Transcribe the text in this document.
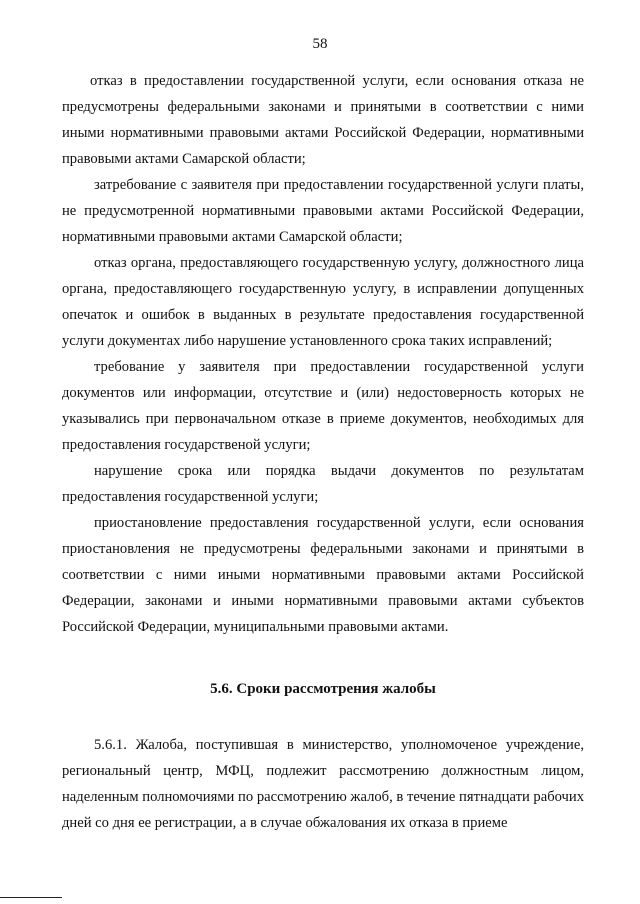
58

отказ в предоставлении государственной услуги, если основания отказа не предусмотрены федеральными законами и принятыми в соответствии с ними иными нормативными правовыми актами Российской Федерации, нормативными правовыми актами Самарской области;

затребование с заявителя при предоставлении государственной услуги платы, не предусмотренной нормативными правовыми актами Российской Федерации, нормативными правовыми актами Самарской области;

отказ органа, предоставляющего государственную услугу, должностного лица органа, предоставляющего государственную услугу, в исправлении допущенных опечаток и ошибок в выданных в результате предоставления государственной услуги документах либо нарушение установленного срока таких исправлений;

требование у заявителя при предоставлении государственной услуги документов или информации, отсутствие и (или) недостоверность которых не указывались при первоначальном отказе в приеме документов, необходимых для предоставления государственой услуги;

нарушение срока или порядка выдачи документов по результатам предоставления государственной услуги;

приостановление предоставления государственной услуги, если основания приостановления не предусмотрены федеральными законами и принятыми в соответствии с ними иными нормативными правовыми актами Российской Федерации, законами и иными нормативными правовыми актами субъектов Российской Федерации, муниципальными правовыми актами.

5.6. Сроки рассмотрения жалобы

5.6.1. Жалоба, поступившая в министерство, уполномоченое учреждение, региональный центр, МФЦ, подлежит рассмотрению должностным лицом, наделенным полномочиями по рассмотрению жалоб, в течение пятнадцати рабочих дней со дня ее регистрации, а в случае обжалования их отказа в приеме
